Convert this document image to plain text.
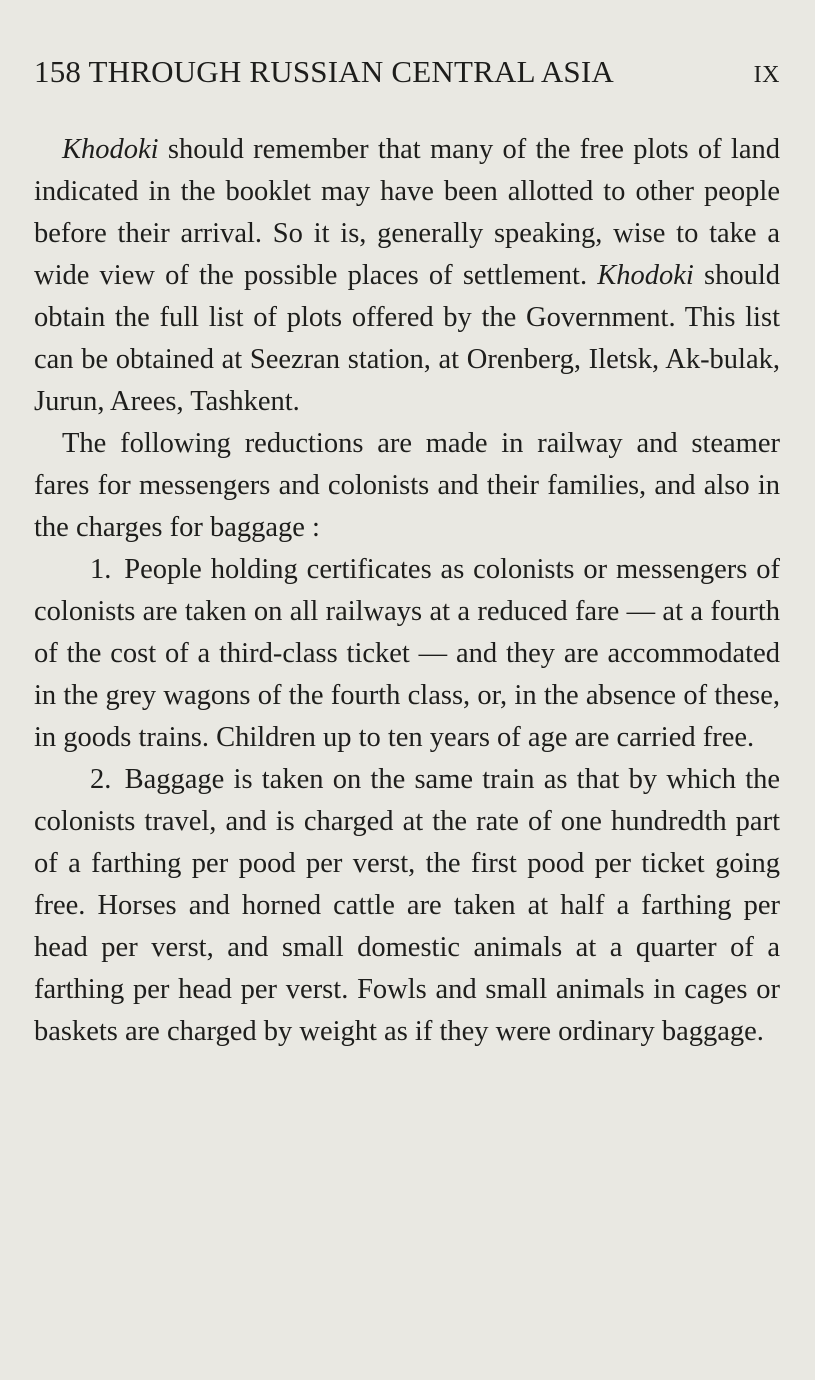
158 THROUGH RUSSIAN CENTRAL ASIA	IX

Khodoki should remember that many of the free plots of land indicated in the booklet may have been allotted to other people before their arrival. So it is, generally speaking, wise to take a wide view of the possible places of settlement. Khodoki should obtain the full list of plots offered by the Government. This list can be obtained at Seezran station, at Orenberg, Iletsk, Ak-bulak, Jurun, Arees, Tashkent.

The following reductions are made in railway and steamer fares for messengers and colonists and their families, and also in the charges for baggage :

1. People holding certificates as colonists or messengers of colonists are taken on all railways at a reduced fare — at a fourth of the cost of a third-class ticket — and they are accommodated in the grey wagons of the fourth class, or, in the absence of these, in goods trains. Children up to ten years of age are carried free.

2. Baggage is taken on the same train as that by which the colonists travel, and is charged at the rate of one hundredth part of a farthing per pood per verst, the first pood per ticket going free. Horses and horned cattle are taken at half a farthing per head per verst, and small domestic animals at a quarter of a farthing per head per verst. Fowls and small animals in cages or baskets are charged by weight as if they were ordinary baggage.
